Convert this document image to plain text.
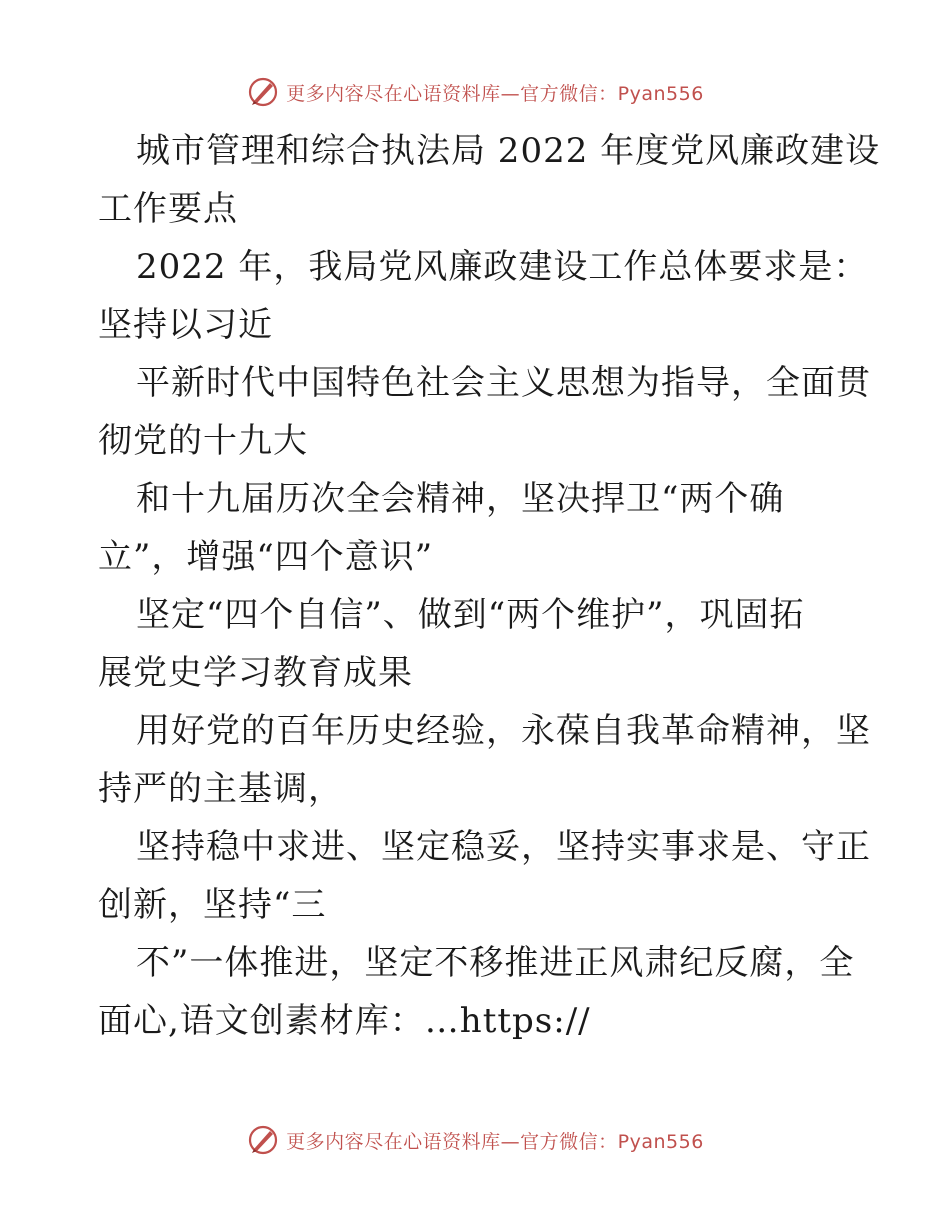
更多内容尽在心语资料库—官方微信：Pyan556
城市管理和综合执法局 2022 年度党风廉政建设
工作要点
2022 年，我局党风廉政建设工作总体要求是：
坚持以习近
平新时代中国特色社会主义思想为指导，全面贯
彻党的十九大
和十九届历次全会精神，坚决捍卫“两个确
立”，增强“四个意识”
坚定“四个自信”、做到“两个维护”，巩固拓
展党史学习教育成果
用好党的百年历史经验，永葆自我革命精神，坚
持严的主基调，
坚持稳中求进、坚定稳妥，坚持实事求是、守正
创新，坚持“三
不”一体推进，坚定不移推进正风肃纪反腐，全
面心,语文创素材库：…https://
更多内容尽在心语资料库—官方微信：Pyan556
